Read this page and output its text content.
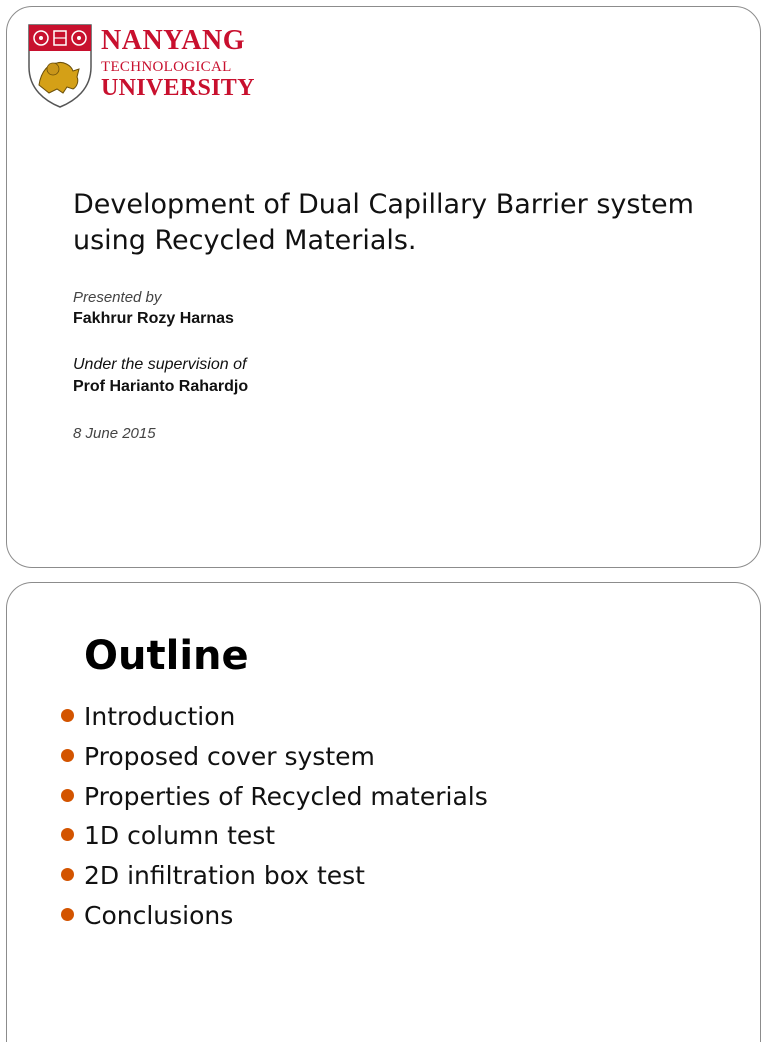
NANYANG
TECHNOLOGICAL
UNIVERSITY
Development of Dual Capillary Barrier system using Recycled Materials.
Presented by
Fakhrur Rozy Harnas
Under the supervision of
Prof Harianto Rahardjo
8 June 2015
Outline
Introduction
Proposed cover system
Properties of Recycled materials
1D column test
2D infiltration box test
Conclusions
